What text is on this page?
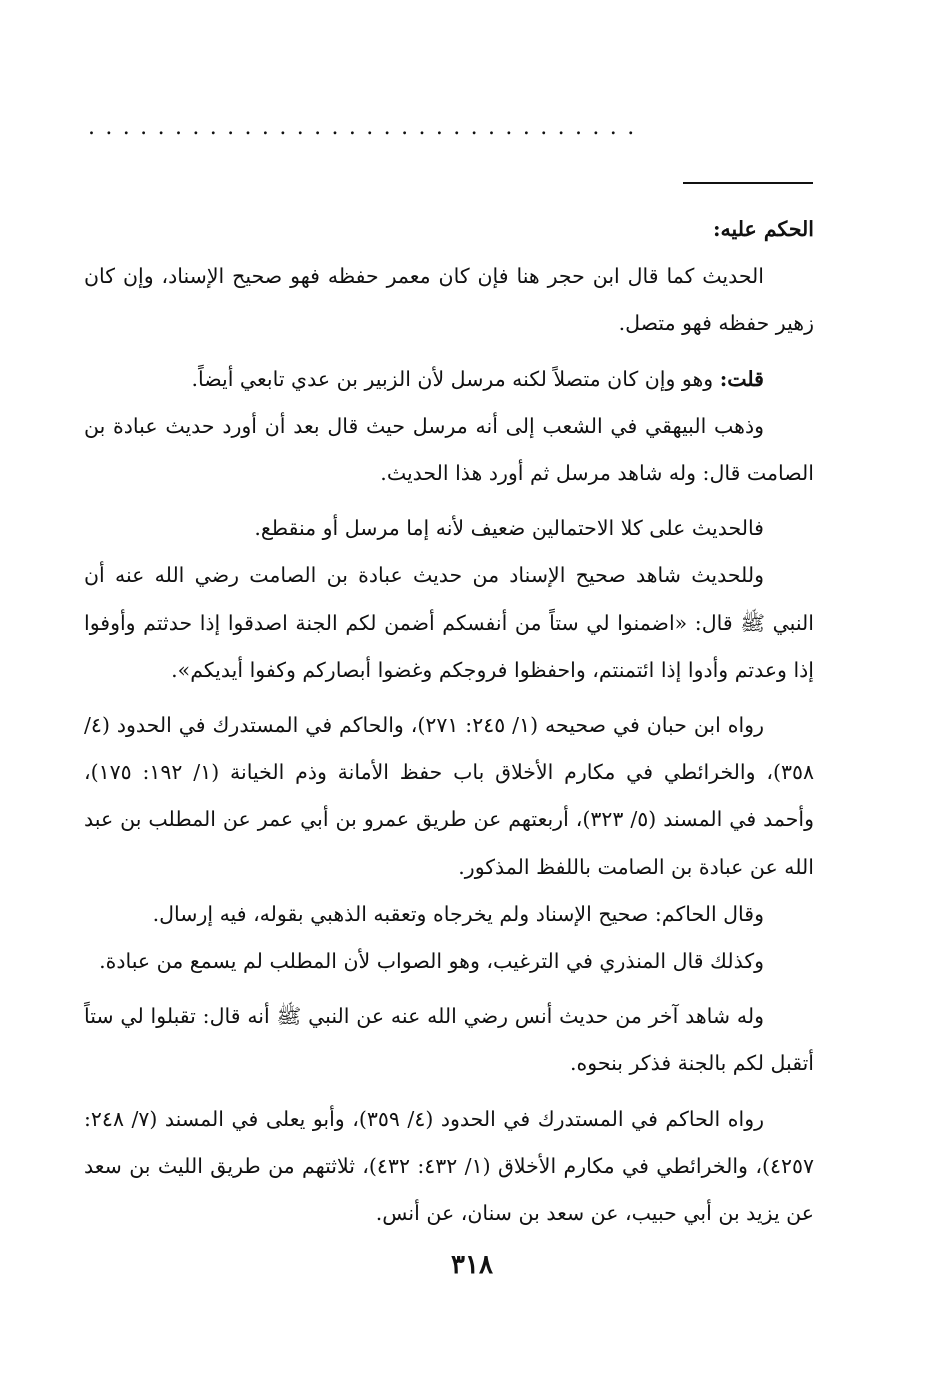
................................

الحكم عليه:

الحديث كما قال ابن حجر هنا فإن كان معمر حفظه فهو صحيح الإسناد، وإن كان زهير حفظه فهو متصل.

قلت: وهو وإن كان متصلاً لكنه مرسل لأن الزبير بن عدي تابعي أيضاً.

وذهب البيهقي في الشعب إلى أنه مرسل حيث قال بعد أن أورد حديث عبادة بن الصامت قال: وله شاهد مرسل ثم أورد هذا الحديث.

فالحديث على كلا الاحتمالين ضعيف لأنه إما مرسل أو منقطع.

وللحديث شاهد صحيح الإسناد من حديث عبادة بن الصامت رضي الله عنه أن النبي ﷺ قال: «اضمنوا لي ستاً من أنفسكم أضمن لكم الجنة اصدقوا إذا حدثتم وأوفوا إذا وعدتم وأدوا إذا ائتمنتم، واحفظوا فروجكم وغضوا أبصاركم وكفوا أيديكم».

رواه ابن حبان في صحيحه (١/ ٢٤٥: ٢٧١)، والحاكم في المستدرك في الحدود (٤/ ٣٥٨)، والخرائطي في مكارم الأخلاق باب حفظ الأمانة وذم الخيانة (١/ ١٩٢: ١٧٥)، وأحمد في المسند (٥/ ٣٢٣)، أربعتهم عن طريق عمرو بن أبي عمر عن المطلب بن عبد الله عن عبادة بن الصامت باللفظ المذكور.

وقال الحاكم: صحيح الإسناد ولم يخرجاه وتعقبه الذهبي بقوله، فيه إرسال.

وكذلك قال المنذري في الترغيب، وهو الصواب لأن المطلب لم يسمع من عبادة.

وله شاهد آخر من حديث أنس رضي الله عنه عن النبي ﷺ أنه قال: تقبلوا لي ستاً أتقبل لكم بالجنة فذكر بنحوه.

رواه الحاكم في المستدرك في الحدود (٤/ ٣٥٩)، وأبو يعلى في المسند (٧/ ٢٤٨: ٤٢٥٧)، والخرائطي في مكارم الأخلاق (١/ ٤٣٢: ٤٣٢)، ثلاثتهم من طريق الليث بن سعد عن يزيد بن أبي حبيب، عن سعد بن سنان، عن أنس.

٣١٨
